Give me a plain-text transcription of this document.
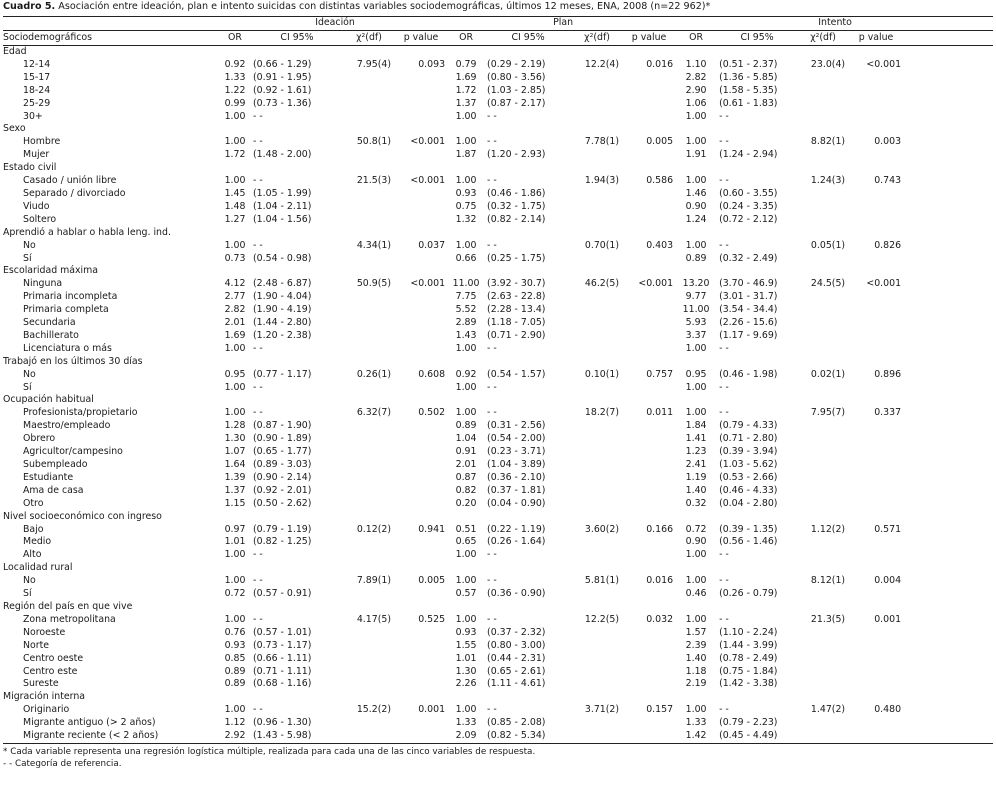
Cuadro 5. Asociación entre ideación, plan e intento suicidas con distintas variables sociodemográficas, últimos 12 meses, ENA, 2008 (n=22 962)*
	Ideación				Plan				Intento				
Sociodemográficos	OR	CI 95%	χ²(df)	p value	OR	CI 95%	χ²(df)	p value	OR	CI 95%	χ²(df)	p value	
Edad													
12-14	0.92	(0.66 - 1.29)	7.95(4)	0.093	0.79	(0.29 - 2.19)	12.2(4)	0.016	1.10	(0.51 - 2.37)	23.0(4)	<0.001	
15-17	1.33	(0.91 - 1.95)			1.69	(0.80 - 3.56)			2.82	(1.36 - 5.85)			
18-24	1.22	(0.92 - 1.61)			1.72	(1.03 - 2.85)			2.90	(1.58 - 5.35)			
25-29	0.99	(0.73 - 1.36)			1.37	(0.87 - 2.17)			1.06	(0.61 - 1.83)			
30+	1.00	- -			1.00	- -			1.00	- -			
Sexo													
Hombre	1.00	- -	50.8(1)	<0.001	1.00	- -	7.78(1)	0.005	1.00	- -	8.82(1)	0.003	
Mujer	1.72	(1.48 - 2.00)			1.87	(1.20 - 2.93)			1.91	(1.24 - 2.94)			
Estado civil													
Casado / unión libre	1.00	- -	21.5(3)	<0.001	1.00	- -	1.94(3)	0.586	1.00	- -	1.24(3)	0.743	
Separado / divorciado	1.45	(1.05 - 1.99)			0.93	(0.46 - 1.86)			1.46	(0.60 - 3.55)			
Viudo	1.48	(1.04 - 2.11)			0.75	(0.32 - 1.75)			0.90	(0.24 - 3.35)			
Soltero	1.27	(1.04 - 1.56)			1.32	(0.82 - 2.14)			1.24	(0.72 - 2.12)			
Aprendió a hablar o habla leng. ind.													
No	1.00	- -	4.34(1)	0.037	1.00	- -	0.70(1)	0.403	1.00	- -	0.05(1)	0.826	
Sí	0.73	(0.54 - 0.98)			0.66	(0.25 - 1.75)			0.89	(0.32 - 2.49)			
Escolaridad máxima													
Ninguna	4.12	(2.48 - 6.87)	50.9(5)	<0.001	11.00	(3.92 - 30.7)	46.2(5)	<0.001	13.20	(3.70 - 46.9)	24.5(5)	<0.001	
Primaria incompleta	2.77	(1.90 - 4.04)			7.75	(2.63 - 22.8)			9.77	(3.01 - 31.7)			
Primaria completa	2.82	(1.90 - 4.19)			5.52	(2.28 - 13.4)			11.00	(3.54 - 34.4)			
Secundaria	2.01	(1.44 - 2.80)			2.89	(1.18 - 7.05)			5.93	(2.26 - 15.6)			
Bachillerato	1.69	(1.20 - 2.38)			1.43	(0.71 - 2.90)			3.37	(1.17 - 9.69)			
Licenciatura o más	1.00	- -			1.00	- -			1.00	- -			
Trabajó en los últimos 30 días													
No	0.95	(0.77 - 1.17)	0.26(1)	0.608	0.92	(0.54 - 1.57)	0.10(1)	0.757	0.95	(0.46 - 1.98)	0.02(1)	0.896	
Sí	1.00	- -			1.00	- -			1.00	- -			
Ocupación habitual													
Profesionista/propietario	1.00	- -	6.32(7)	0.502	1.00	- -	18.2(7)	0.011	1.00	- -	7.95(7)	0.337	
Maestro/empleado	1.28	(0.87 - 1.90)			0.89	(0.31 - 2.56)			1.84	(0.79 - 4.33)			
Obrero	1.30	(0.90 - 1.89)			1.04	(0.54 - 2.00)			1.41	(0.71 - 2.80)			
Agricultor/campesino	1.07	(0.65 - 1.77)			0.91	(0.23 - 3.71)			1.23	(0.39 - 3.94)			
Subempleado	1.64	(0.89 - 3.03)			2.01	(1.04 - 3.89)			2.41	(1.03 - 5.62)			
Estudiante	1.39	(0.90 - 2.14)			0.87	(0.36 - 2.10)			1.19	(0.53 - 2.66)			
Ama de casa	1.37	(0.92 - 2.01)			0.82	(0.37 - 1.81)			1.40	(0.46 - 4.33)			
Otro	1.15	(0.50 - 2.62)			0.20	(0.04 - 0.90)			0.32	(0.04 - 2.80)			
Nivel socioeconómico con ingreso													
Bajo	0.97	(0.79 - 1.19)	0.12(2)	0.941	0.51	(0.22 - 1.19)	3.60(2)	0.166	0.72	(0.39 - 1.35)	1.12(2)	0.571	
Medio	1.01	(0.82 - 1.25)			0.65	(0.26 - 1.64)			0.90	(0.56 - 1.46)			
Alto	1.00	- -			1.00	- -			1.00	- -			
Localidad rural													
No	1.00	- -	7.89(1)	0.005	1.00	- -	5.81(1)	0.016	1.00	- -	8.12(1)	0.004	
Sí	0.72	(0.57 - 0.91)			0.57	(0.36 - 0.90)			0.46	(0.26 - 0.79)			
Región del país en que vive													
Zona metropolitana	1.00	- -	4.17(5)	0.525	1.00	- -	12.2(5)	0.032	1.00	- -	21.3(5)	0.001	
Noroeste	0.76	(0.57 - 1.01)			0.93	(0.37 - 2.32)			1.57	(1.10 - 2.24)			
Norte	0.93	(0.73 - 1.17)			1.55	(0.80 - 3.00)			2.39	(1.44 - 3.99)			
Centro oeste	0.85	(0.66 - 1.11)			1.01	(0.44 - 2.31)			1.40	(0.78 - 2.49)			
Centro este	0.89	(0.71 - 1.11)			1.30	(0.65 - 2.61)			1.18	(0.75 - 1.84)			
Sureste	0.89	(0.68 - 1.16)			2.26	(1.11 - 4.61)			2.19	(1.42 - 3.38)			
Migración interna													
Originario	1.00	- -	15.2(2)	0.001	1.00	- -	3.71(2)	0.157	1.00	- -	1.47(2)	0.480	
Migrante antiguo (> 2 años)	1.12	(0.96 - 1.30)			1.33	(0.85 - 2.08)			1.33	(0.79 - 2.23)			
Migrante reciente (< 2 años)	2.92	(1.43 - 5.98)			2.09	(0.82 - 5.34)			1.42	(0.45 - 4.49)			
* Cada variable representa una regresión logística múltiple, realizada para cada una de las cinco variables de respuesta.
- - Categoría de referencia.
